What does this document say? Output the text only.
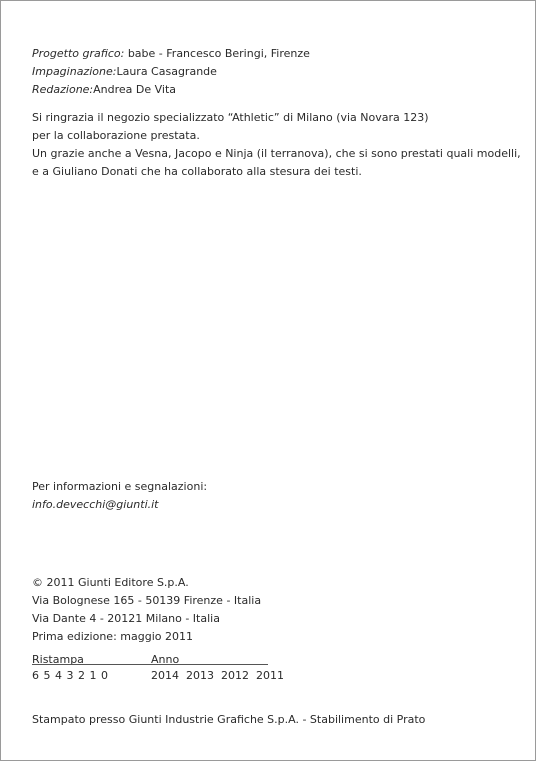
Progetto grafico: babe - Francesco Beringi, Firenze
Impaginazione:Laura Casagrande
Redazione:Andrea De Vita
Si ringrazia il negozio specializzato “Athletic” di Milano (via Novara 123)
per la collaborazione prestata.
Un grazie anche a Vesna, Jacopo e Ninja (il terranova), che si sono prestati quali modelli,
e a Giuliano Donati che ha collaborato alla stesura dei testi.
Per informazioni e segnalazioni:
info.devecchi@giunti.it
© 2011 Giunti Editore S.p.A.
Via Bolognese 165 - 50139 Firenze - Italia
Via Dante 4 - 20121 Milano - Italia
Prima edizione: maggio 2011
Ristampa	Anno
6 5 4 3 2 1 0	2014  2013  2012  2011
Stampato presso Giunti Industrie Grafiche S.p.A. - Stabilimento di Prato
